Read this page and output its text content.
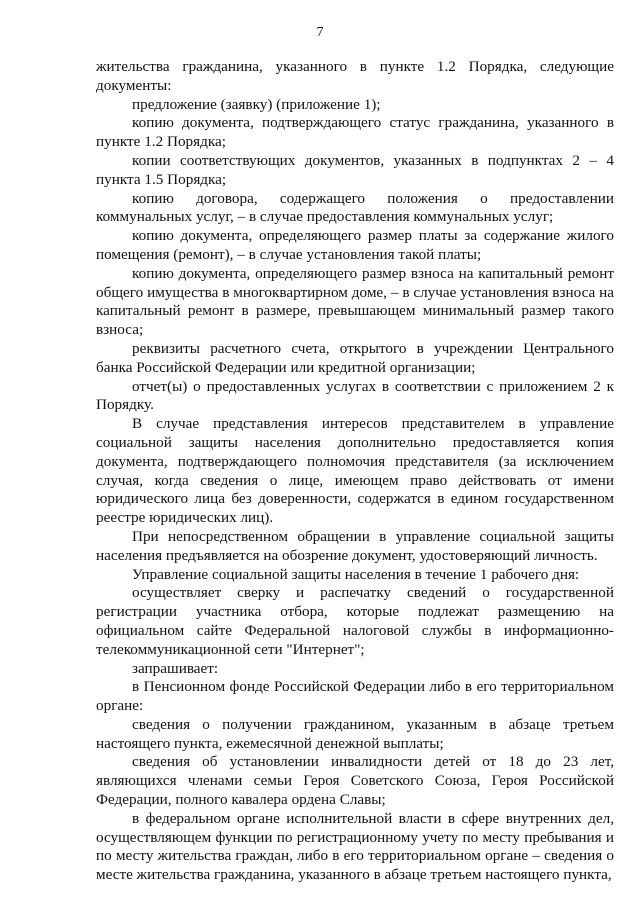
7

жительства гражданина, указанного в пункте 1.2 Порядка, следующие документы:

предложение (заявку) (приложение 1);

копию документа, подтверждающего статус гражданина, указанного в пункте 1.2 Порядка;

копии соответствующих документов, указанных в подпунктах 2 – 4 пункта 1.5 Порядка;

копию договора, содержащего положения о предоставлении коммунальных услуг, – в случае предоставления коммунальных услуг;

копию документа, определяющего размер платы за содержание жилого помещения (ремонт), – в случае установления такой платы;

копию документа, определяющего размер взноса на капитальный ремонт общего имущества в многоквартирном доме, – в случае установления взноса на капитальный ремонт в размере, превышающем минимальный размер такого взноса;

реквизиты расчетного счета, открытого в учреждении Центрального банка Российской Федерации или кредитной организации;

отчет(ы) о предоставленных услугах в соответствии с приложением 2 к Порядку.

В случае представления интересов представителем в управление социальной защиты населения дополнительно предоставляется копия документа, подтверждающего полномочия представителя (за исключением случая, когда сведения о лице, имеющем право действовать от имени юридического лица без доверенности, содержатся в едином государственном реестре юридических лиц).

При непосредственном обращении в управление социальной защиты населения предъявляется на обозрение документ, удостоверяющий личность.

Управление социальной защиты населения в течение 1 рабочего дня:

осуществляет сверку и распечатку сведений о государственной регистрации участника отбора, которые подлежат размещению на официальном сайте Федеральной налоговой службы в информационно-телекоммуникационной сети "Интернет";

запрашивает:

в Пенсионном фонде Российской Федерации либо в его территориальном органе:

сведения о получении гражданином, указанным в абзаце третьем настоящего пункта, ежемесячной денежной выплаты;

сведения об установлении инвалидности детей от 18 до 23 лет, являющихся членами семьи Героя Советского Союза, Героя Российской Федерации, полного кавалера ордена Славы;

в федеральном органе исполнительной власти в сфере внутренних дел, осуществляющем функции по регистрационному учету по месту пребывания и по месту жительства граждан, либо в его территориальном органе – сведения о месте жительства гражданина, указанного в абзаце третьем настоящего пункта,
